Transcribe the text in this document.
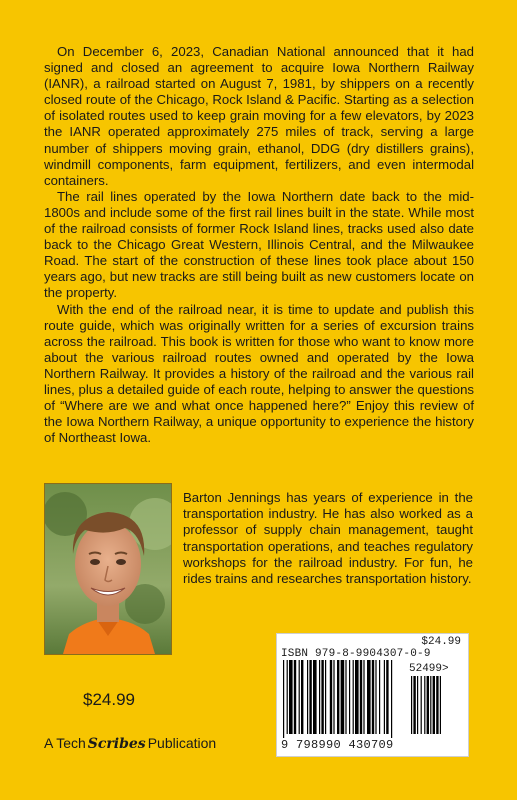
On December 6, 2023, Canadian National announced that it had signed and closed an agreement to acquire Iowa Northern Railway (IANR), a railroad started on August 7, 1981, by shippers on a recently closed route of the Chicago, Rock Island & Pacific. Starting as a selection of isolated routes used to keep grain moving for a few elevators, by 2023 the IANR operated approximately 275 miles of track, serving a large number of shippers moving grain, ethanol, DDG (dry distillers grains), windmill components, farm equipment, fertilizers, and even intermodal containers.

The rail lines operated by the Iowa Northern date back to the mid-1800s and include some of the first rail lines built in the state. While most of the railroad consists of former Rock Island lines, tracks used also date back to the Chicago Great Western, Illinois Central, and the Milwaukee Road. The start of the construction of these lines took place about 150 years ago, but new tracks are still being built as new customers locate on the property.

With the end of the railroad near, it is time to update and publish this route guide, which was originally written for a series of excursion trains across the railroad. This book is written for those who want to know more about the various railroad routes owned and operated by the Iowa Northern Railway. It provides a history of the railroad and the various rail lines, plus a detailed guide of each route, helping to answer the questions of “Where are we and what once happened here?” Enjoy this review of the Iowa Northern Railway, a unique opportunity to experience the history of Northeast Iowa.

Barton Jennings has years of experience in the transportation industry. He has also worked as a professor of supply chain management, taught transportation operations, and teaches regulatory workshops for the railroad industry. For fun, he rides trains and researches transportation history.
$24.99
A Tech Scribes Publication
$24.99
ISBN 979-8-9904307-0-9
52499>
9 798990 430709
